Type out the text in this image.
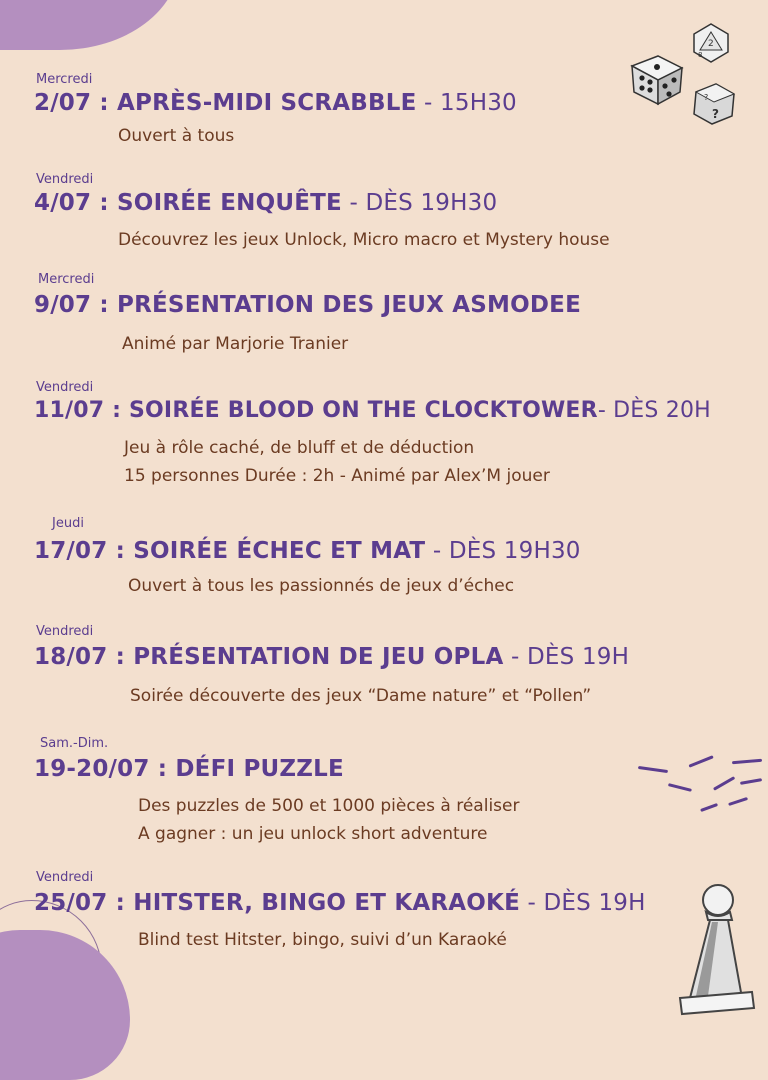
2
8
?
?
Mercredi
2/07 : APRÈS-MIDI SCRABBLE - 15H30
Ouvert à tous
Vendredi
4/07 : SOIRÉE ENQUÊTE - DÈS 19H30
Découvrez les jeux Unlock, Micro macro et Mystery house
Mercredi
9/07 : PRÉSENTATION DES JEUX ASMODEE
Animé par Marjorie Tranier
Vendredi
11/07 : SOIRÉE BLOOD ON THE CLOCKTOWER- DÈS 20H
Jeu à rôle caché, de bluff et de déduction
15 personnes Durée : 2h - Animé par Alex’M jouer
Jeudi
17/07 : SOIRÉE ÉCHEC ET MAT - DÈS 19H30
Ouvert à tous les passionnés de jeux d’échec
Vendredi
18/07 : PRÉSENTATION DE JEU OPLA - DÈS 19H
Soirée découverte des jeux “Dame nature” et “Pollen”
Sam.-Dim.
19-20/07 : DÉFI PUZZLE
Des puzzles de 500 et 1000 pièces à réaliser
A gagner : un jeu unlock short adventure
Vendredi
25/07 : HITSTER, BINGO ET KARAOKÉ - DÈS 19H
Blind test Hitster, bingo, suivi d’un Karaoké
